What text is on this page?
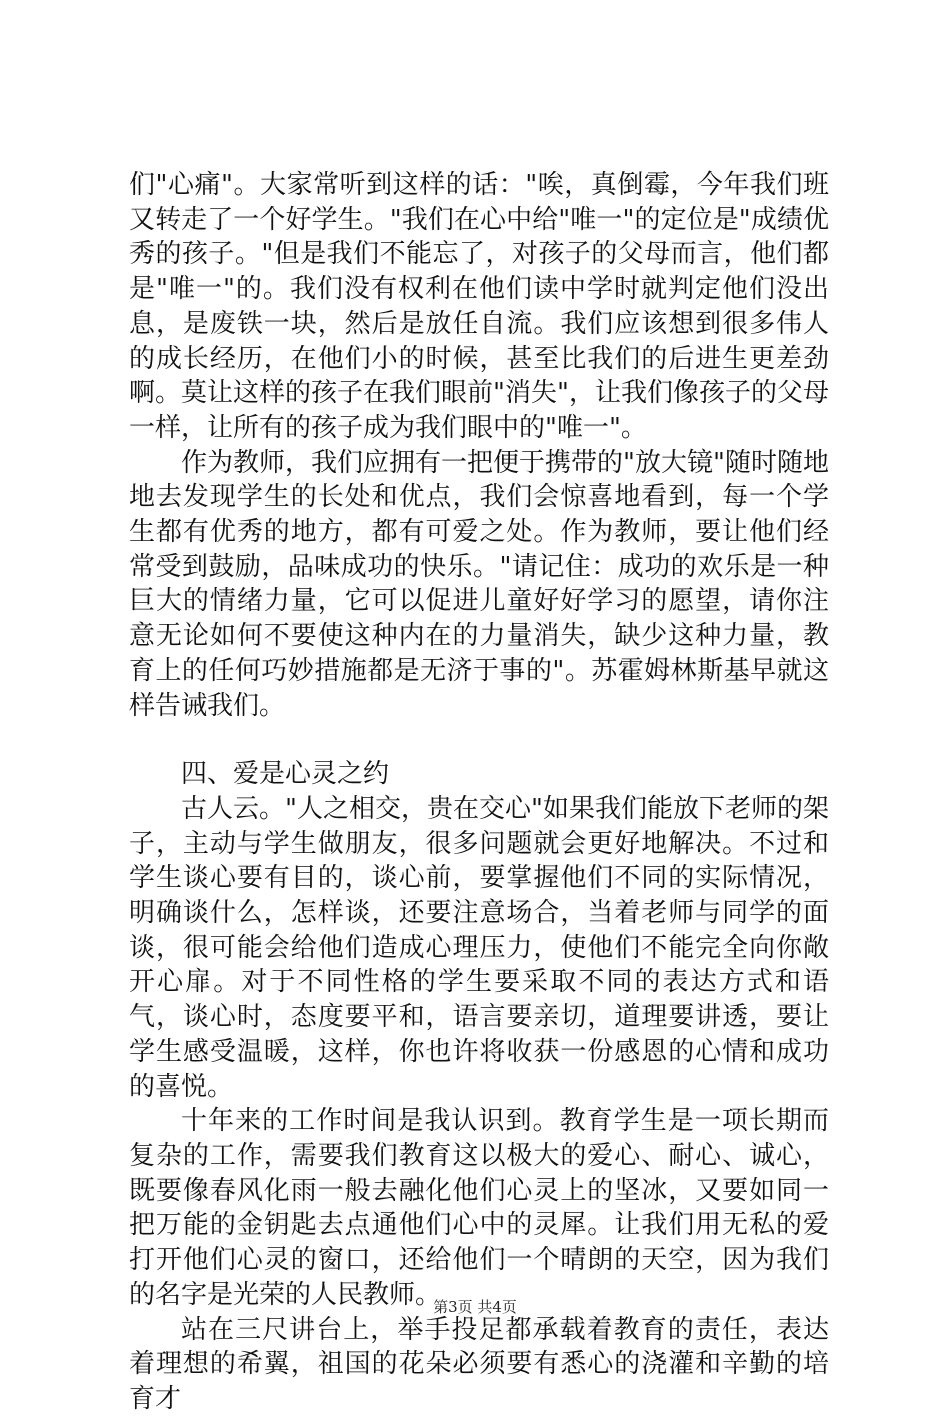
们"心痛"。大家常听到这样的话："唉，真倒霉，今年我们班又转走了一个好学生。"我们在心中给"唯一"的定位是"成绩优秀的孩子。"但是我们不能忘了，对孩子的父母而言，他们都是"唯一"的。我们没有权利在他们读中学时就判定他们没出息，是废铁一块，然后是放任自流。我们应该想到很多伟人的成长经历，在他们小的时候，甚至比我们的后进生更差劲啊。莫让这样的孩子在我们眼前"消失"，让我们像孩子的父母一样，让所有的孩子成为我们眼中的"唯一"。

作为教师，我们应拥有一把便于携带的"放大镜"随时随地地去发现学生的长处和优点，我们会惊喜地看到，每一个学生都有优秀的地方，都有可爱之处。作为教师，要让他们经常受到鼓励，品味成功的快乐。"请记住：成功的欢乐是一种巨大的情绪力量，它可以促进儿童好好学习的愿望，请你注意无论如何不要使这种内在的力量消失，缺少这种力量，教育上的任何巧妙措施都是无济于事的"。苏霍姆林斯基早就这样告诫我们。

四、爱是心灵之约

古人云。"人之相交，贵在交心"如果我们能放下老师的架子，主动与学生做朋友，很多问题就会更好地解决。不过和学生谈心要有目的，谈心前，要掌握他们不同的实际情况，明确谈什么，怎样谈，还要注意场合，当着老师与同学的面谈，很可能会给他们造成心理压力，使他们不能完全向你敞开心扉。对于不同性格的学生要采取不同的表达方式和语气，谈心时，态度要平和，语言要亲切，道理要讲透，要让学生感受温暖，这样，你也许将收获一份感恩的心情和成功的喜悦。

十年来的工作时间是我认识到。教育学生是一项长期而复杂的工作，需要我们教育这以极大的爱心、耐心、诚心，既要像春风化雨一般去融化他们心灵上的坚冰，又要如同一把万能的金钥匙去点通他们心中的灵犀。让我们用无私的爱打开他们心灵的窗口，还给他们一个晴朗的天空，因为我们的名字是光荣的人民教师。

站在三尺讲台上，举手投足都承载着教育的责任，表达着理想的希翼，祖国的花朵必须要有悉心的浇灌和辛勤的培育才

第3页 共4页
